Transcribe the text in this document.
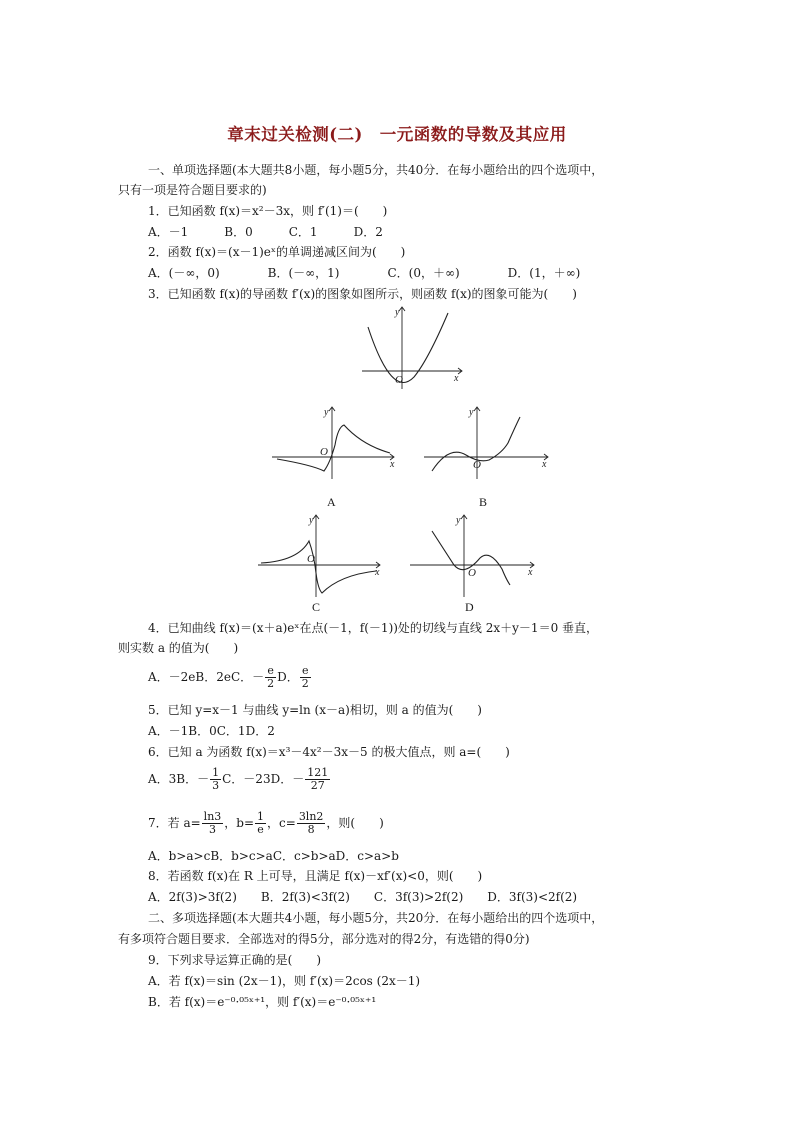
章末过关检测(二)　一元函数的导数及其应用
一、单项选择题(本大题共8小题，每小题5分，共40分．在每小题给出的四个选项中，
只有一项是符合题目要求的)
1．已知函数 f(x)＝x²－3x，则 f′(1)＝(　　)
A．－1　　　B．0　　　C．1　　　D．2
2．函数 f(x)＝(x－1)eˣ的单调递减区间为(　　)
A．(－∞，0)　　　　B．(－∞，1)　　　　C．(0，＋∞)　　　　D．(1，＋∞)
3．已知函数 f(x)的导函数 f′(x)的图象如图所示，则函数 f(x)的图象可能为(　　)
x
y
O
x
y
O
A
x
y
O
B
x
y
O
C
x
y
O
D
4．已知曲线 f(x)＝(x＋a)eˣ在点(－1，f(－1))处的切线与直线 2x＋y－1＝0 垂直，
则实数 a 的值为(　　)
A．－2eB．2eC．－ $\frac{e}{2}$ D． $\frac{e}{2}$
5．已知 y=x－1 与曲线 y=ln (x－a)相切，则 a 的值为(　　)
A．－1B．0C．1D．2
6．已知 a 为函数 f(x)＝x³－4x²－3x－5 的极大值点，则 a=(　　)
A．3B．－ $\frac{1}{3}$ C．－23D．－ $\frac{121}{27}$
7．若 $a= \frac{\ln 3}{3}$ ，$b= \frac{1}{e}$ ，$c= \frac{3\ln 2}{8}$ ，则(　　)
A．b>a>cB．b>c>aC．c>b>aD．c>a>b
8．若函数 f(x)在 R 上可导，且满足 f(x)－xf′(x)<0，则(　　)
A．2f(3)>3f(2)　　B．2f(3)<3f(2)　　C．3f(3)>2f(2)　　D．3f(3)<2f(2)
二、多项选择题(本大题共4小题，每小题5分，共20分．在每小题给出的四个选项中，
有多项符合题目要求．全部选对的得5分，部分选对的得2分，有选错的得0分)
9．下列求导运算正确的是(　　)
A．若 f(x)＝sin (2x－1)，则 f′(x)＝2cos (2x－1)
B．若 f(x)＝e⁻⁰·⁰⁵ˣ⁺¹，则 f′(x)＝e⁻⁰·⁰⁵ˣ⁺¹
